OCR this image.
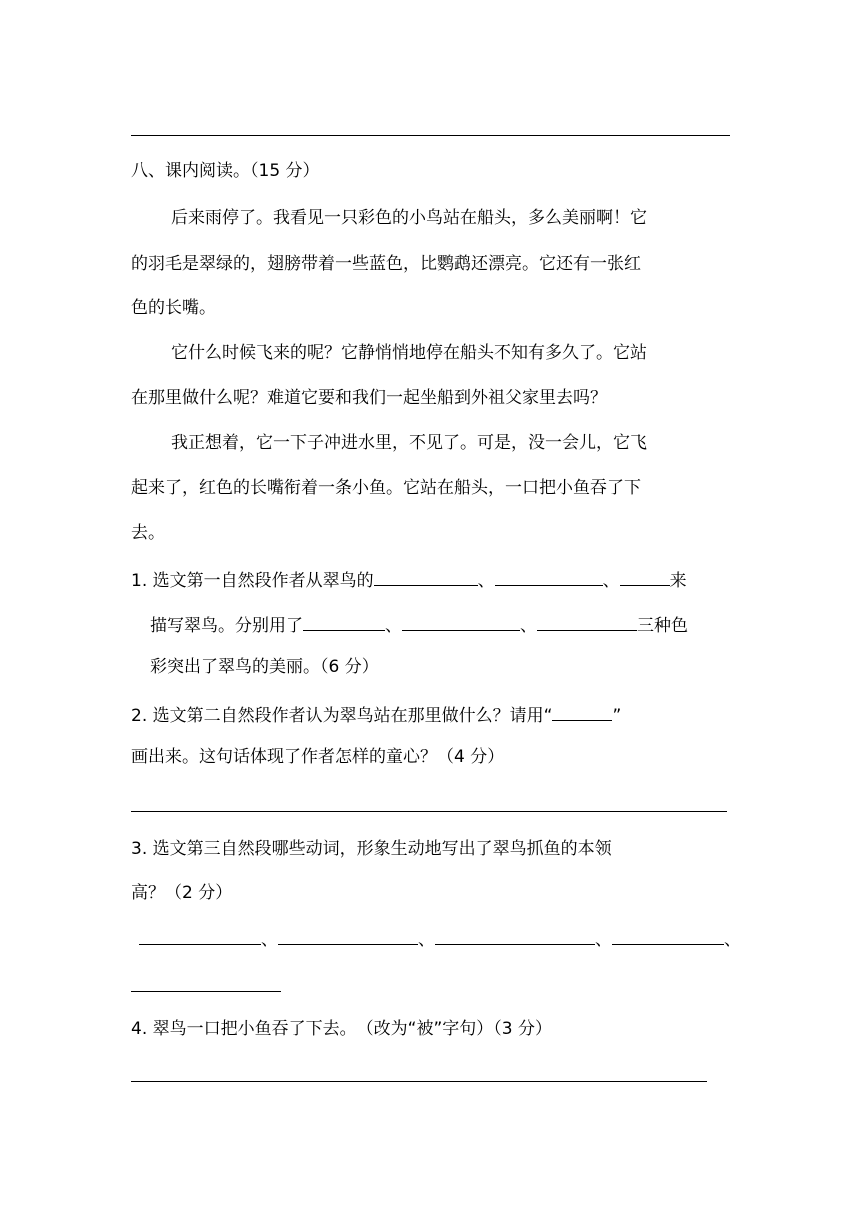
八、课内阅读。（15 分）
后来雨停了。我看见一只彩色的小鸟站在船头，多么美丽啊！它
的羽毛是翠绿的，翅膀带着一些蓝色，比鹦鹉还漂亮。它还有一张红
色的长嘴。
它什么时候飞来的呢？它静悄悄地停在船头不知有多久了。它站
在那里做什么呢？难道它要和我们一起坐船到外祖父家里去吗？
我正想着，它一下子冲进水里，不见了。可是，没一会儿，它飞
起来了，红色的长嘴衔着一条小鱼。它站在船头，一口把小鱼吞了下
去。
1. 选文第一自然段作者从翠鸟的	、	、	来
描写翠鸟。分别用了	、	、	三种色
彩突出了翠鸟的美丽。（6 分）
2. 选文第二自然段作者认为翠鸟站在那里做什么？请用“	”
画出来。这句话体现了作者怎样的童心？（4 分）
3. 选文第三自然段哪些动词，形象生动地写出了翠鸟抓鱼的本领
高？（2 分）
、	、	、	、
4. 翠鸟一口把小鱼吞了下去。　（改为“被”字句）（3 分）
